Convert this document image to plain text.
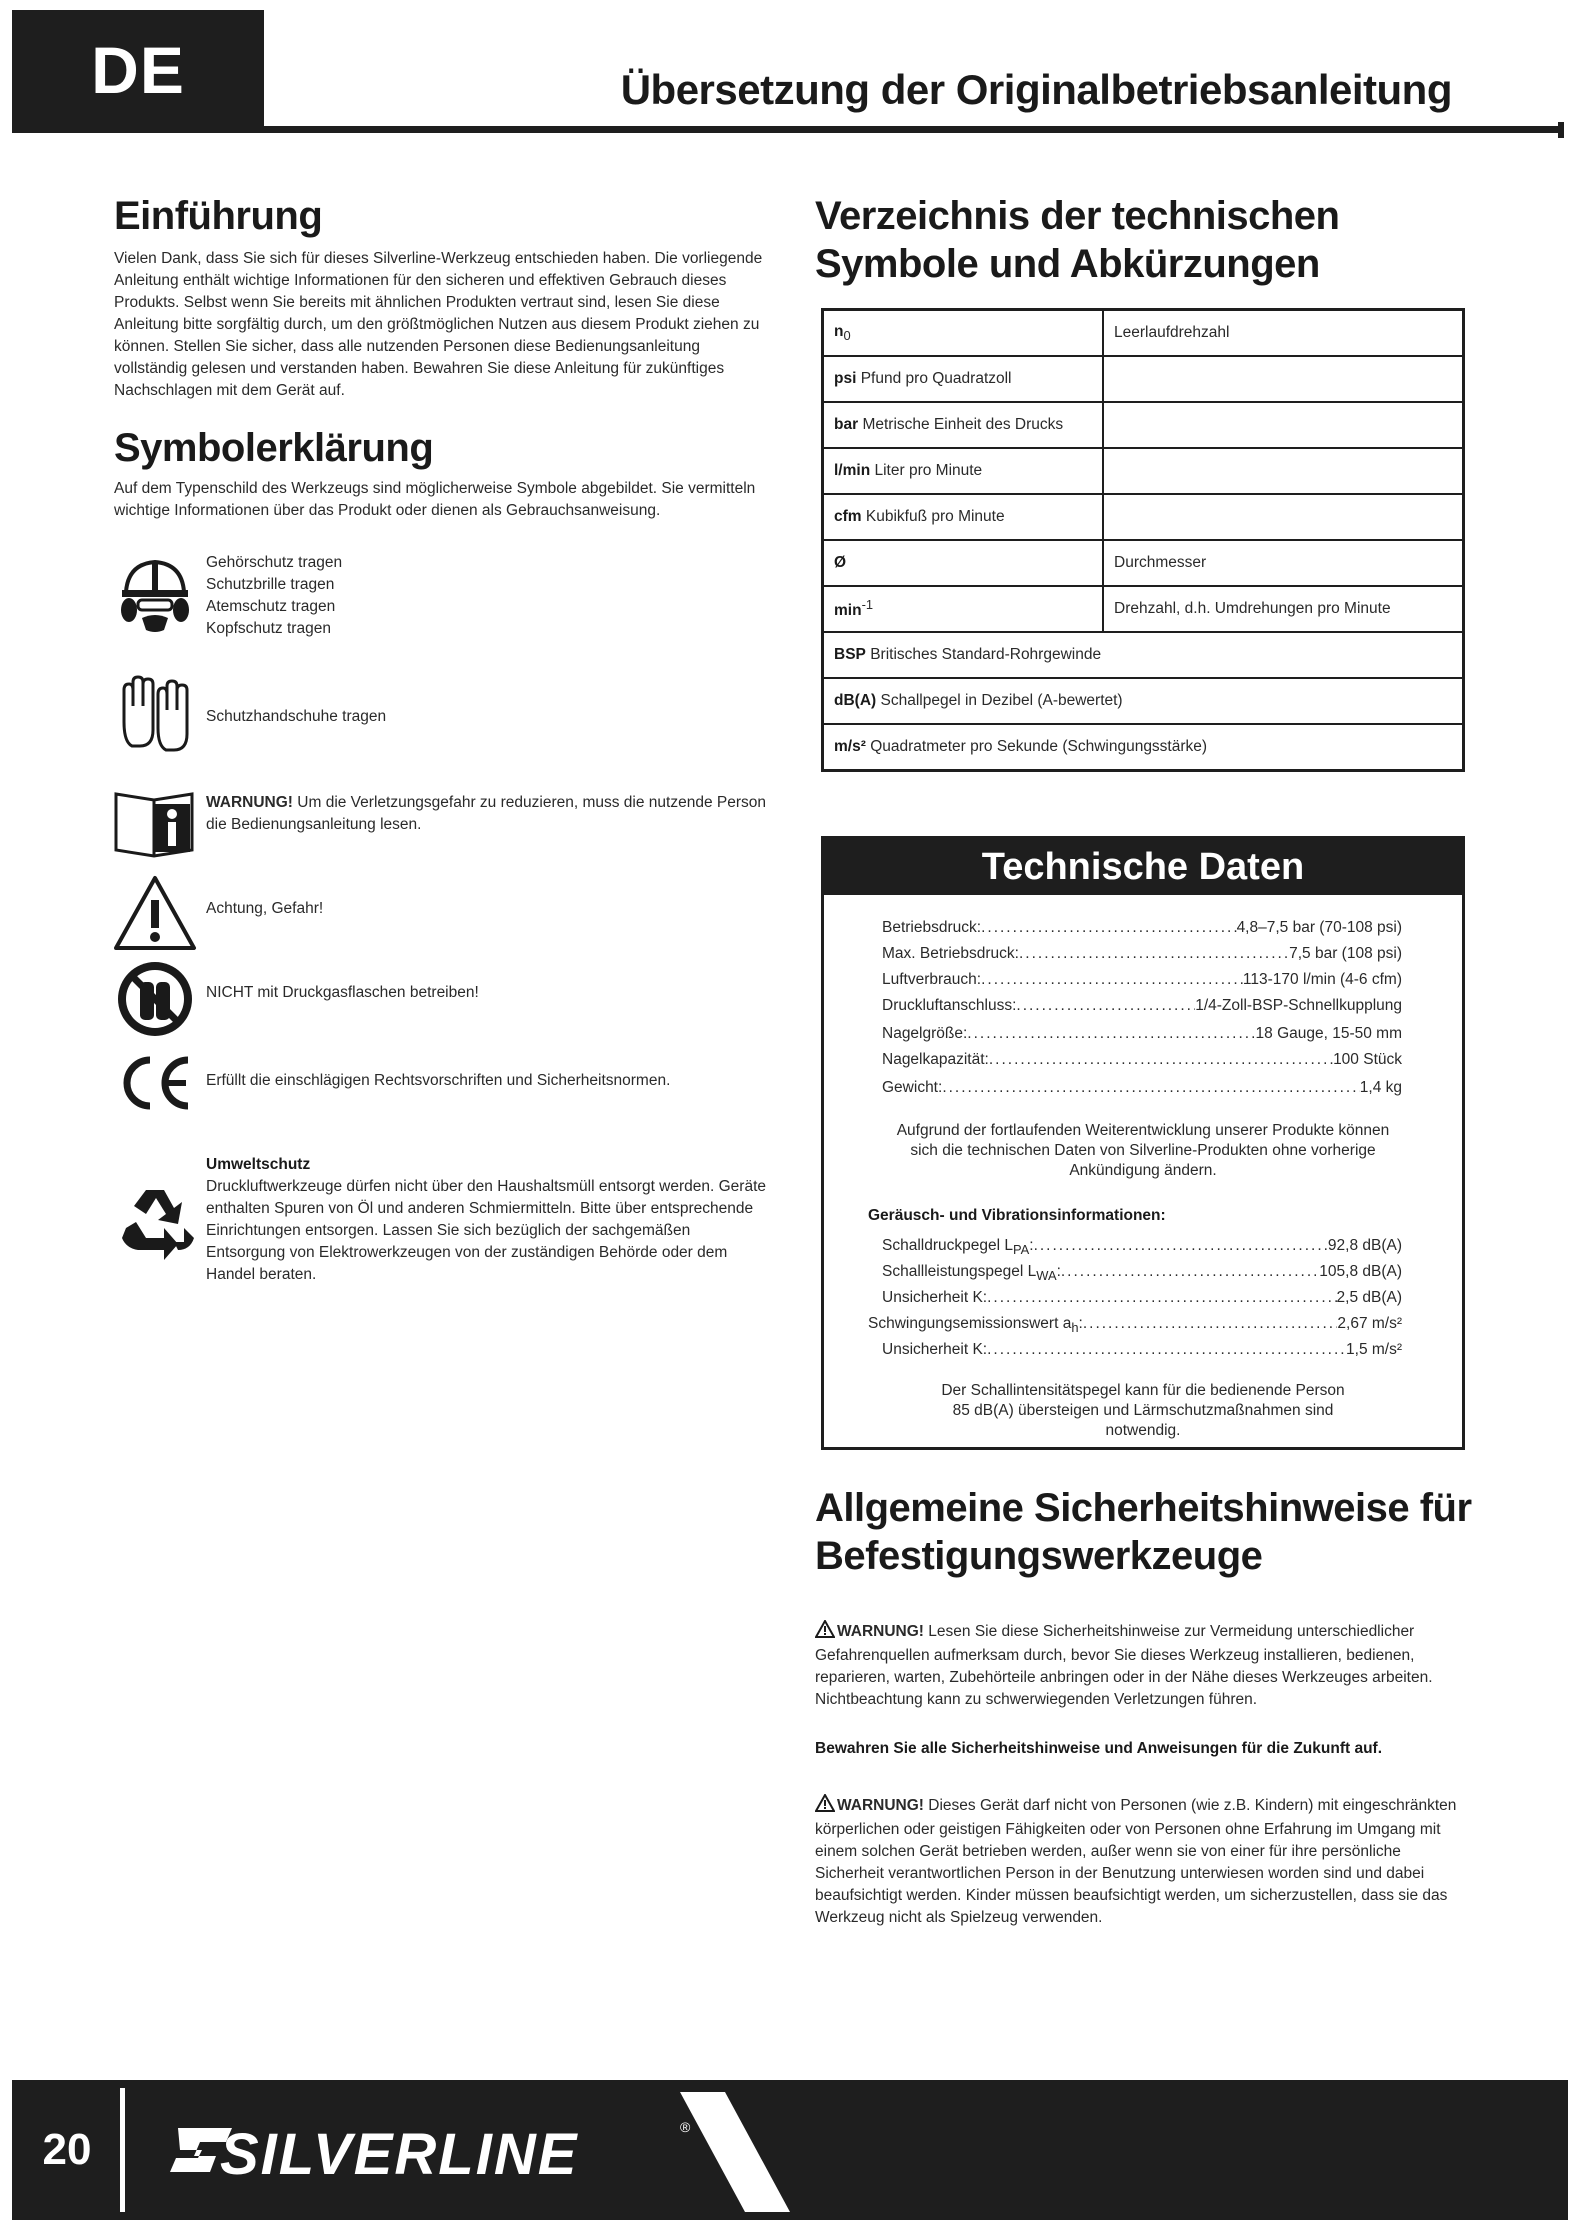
DE	Übersetzung der Originalbetriebsanleitung
Einführung
Vielen Dank, dass Sie sich für dieses Silverline-Werkzeug entschieden haben. Die vorliegende Anleitung enthält wichtige Informationen für den sicheren und effektiven Gebrauch dieses Produkts. Selbst wenn Sie bereits mit ähnlichen Produkten vertraut sind, lesen Sie diese Anleitung bitte sorgfältig durch, um den größtmöglichen Nutzen aus diesem Produkt ziehen zu können. Stellen Sie sicher, dass alle nutzenden Personen diese Bedienungsanleitung vollständig gelesen und verstanden haben. Bewahren Sie diese Anleitung für zukünftiges Nachschlagen mit dem Gerät auf.
Symbolerklärung
Auf dem Typenschild des Werkzeugs sind möglicherweise Symbole abgebildet. Sie vermitteln wichtige Informationen über das Produkt oder dienen als Gebrauchsanweisung.
Gehörschutz tragen
Schutzbrille tragen
Atemschutz tragen
Kopfschutz tragen
Schutzhandschuhe tragen
WARNUNG! Um die Verletzungsgefahr zu reduzieren, muss die nutzende Person die Bedienungsanleitung lesen.
Achtung, Gefahr!
NICHT mit Druckgasflaschen betreiben!
Erfüllt die einschlägigen Rechtsvorschriften und Sicherheitsnormen.
Umweltschutz
Druckluftwerkzeuge dürfen nicht über den Haushaltsmüll entsorgt werden. Geräte enthalten Spuren von Öl und anderen Schmiermitteln. Bitte über entsprechende Einrichtungen entsorgen. Lassen Sie sich bezüglich der sachgemäßen Entsorgung von Elektrowerkzeugen von der zuständigen Behörde oder dem Handel beraten.
Verzeichnis der technischen
Symbole und Abkürzungen
$n_0$	Leerlaufdrehzahl
psi Pfund pro Quadratzoll	
bar Metrische Einheit des Drucks	
l/min Liter pro Minute	
cfm Kubikfuß pro Minute	
Ø	Durchmesser
$\min^{-1}$	Drehzahl, d.h. Umdrehungen pro Minute
BSP Britisches Standard-Rohrgewinde	
dB(A) Schallpegel in Dezibel (A-bewertet)	
m/s² Quadratmeter pro Sekunde (Schwingungsstärke)	
Technische Daten
Betriebsdruck: .....	4,8–7,5 bar (70-108 psi)
Max. Betriebsdruck: .....	7,5 bar (108 psi)
Luftverbrauch: .....	113-170 l/min (4-6 cfm)
Druckluftanschluss: .....	1/4-Zoll-BSP-Schnellkupplung
Nagelgröße: .....	18 Gauge, 15-50 mm
Nagelkapazität: .....	100 Stück
Gewicht: .....	1,4 kg
Aufgrund der fortlaufenden Weiterentwicklung unserer Produkte können sich die technischen Daten von Silverline-Produkten ohne vorherige Ankündigung ändern.
Geräusch- und Vibrationsinformationen:
Schalldruckpegel $L_{PA}$: .....	92,8 dB(A)
Schallleistungspegel $L_{WA}$: .....	105,8 dB(A)
Unsicherheit K: .....	2,5 dB(A)
Schwingungsemissionswert $a_h$: .....	2,67 m/s²
Unsicherheit K: .....	1,5 m/s²
Der Schallintensitätspegel kann für die bedienende Person 85 dB(A) übersteigen und Lärmschutzmaßnahmen sind notwendig.
Allgemeine Sicherheitshinweise für
Befestigungswerkzeuge
WARNUNG! Lesen Sie diese Sicherheitshinweise zur Vermeidung unterschiedlicher Gefahrenquellen aufmerksam durch, bevor Sie dieses Werkzeug installieren, bedienen, reparieren, warten, Zubehörteile anbringen oder in der Nähe dieses Werkzeuges arbeiten. Nichtbeachtung kann zu schwerwiegenden Verletzungen führen.
Bewahren Sie alle Sicherheitshinweise und Anweisungen für die Zukunft auf.
WARNUNG! Dieses Gerät darf nicht von Personen (wie z.B. Kindern) mit eingeschränkten körperlichen oder geistigen Fähigkeiten oder von Personen ohne Erfahrung im Umgang mit einem solchen Gerät betrieben werden, außer wenn sie von einer für ihre persönliche Sicherheit verantwortlichen Person in der Benutzung unterwiesen worden sind und dabei beaufsichtigt werden. Kinder müssen beaufsichtigt werden, um sicherzustellen, dass sie das Werkzeug nicht als Spielzeug verwenden.
20	SILVERLINE	®
